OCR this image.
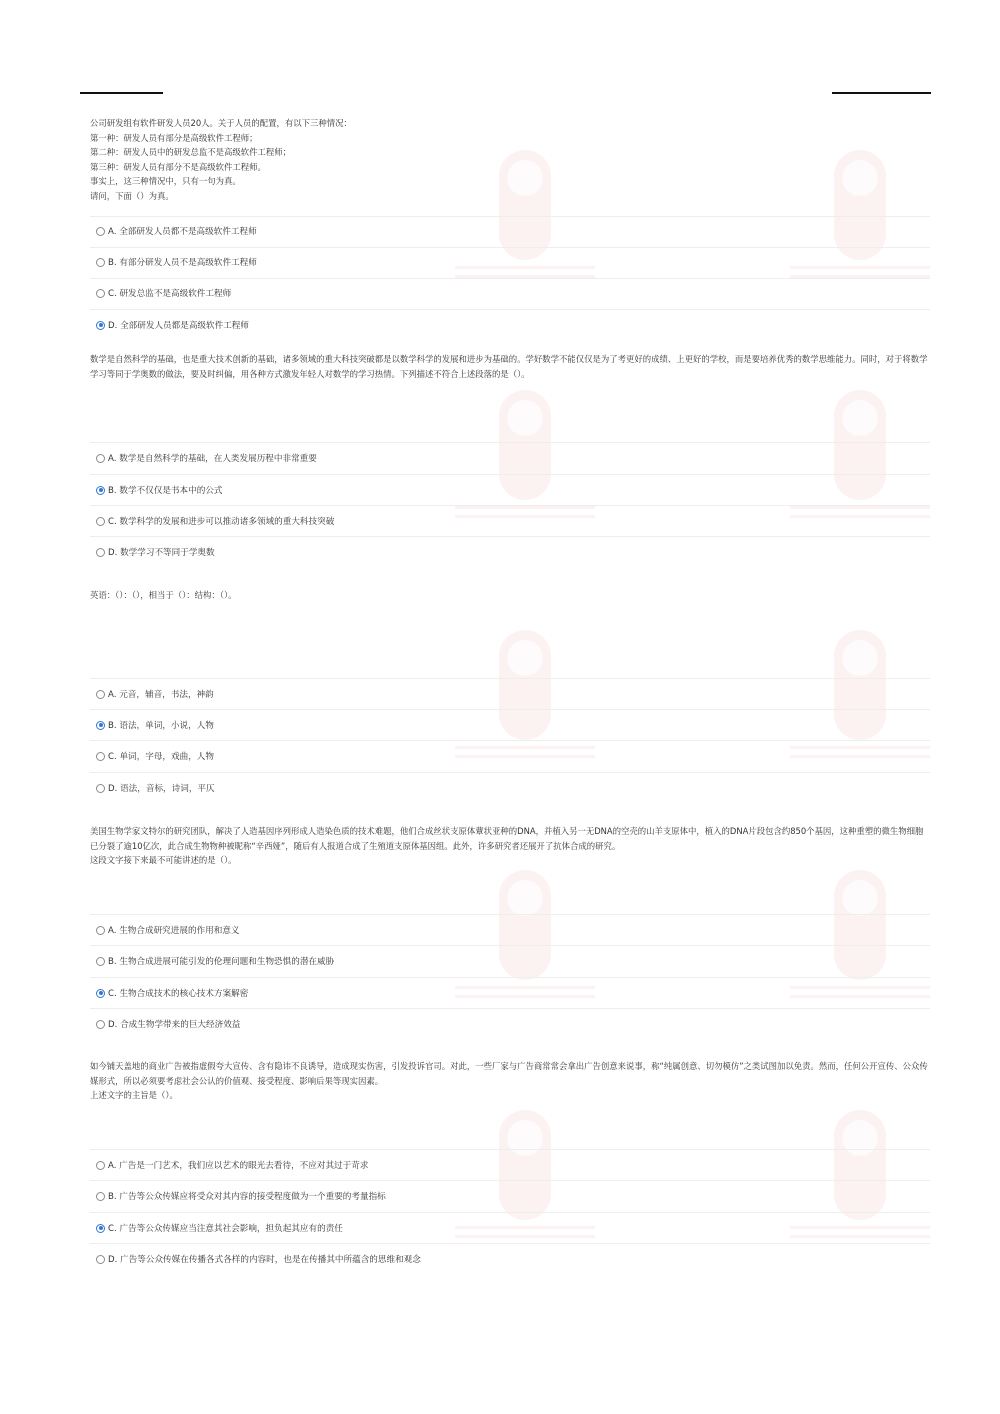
公司研发组有软件研发人员20人。关于人员的配置，有以下三种情况：

第一种：研发人员有部分是高级软件工程师；

第二种：研发人员中的研发总监不是高级软件工程师；

第三种：研发人员有部分不是高级软件工程师。

事实上，这三种情况中，只有一句为真。

请问，下面（）为真。

A. 全部研发人员都不是高级软件工程师
B. 有部分研发人员不是高级软件工程师
C. 研发总监不是高级软件工程师
D. 全部研发人员都是高级软件工程师

数学是自然科学的基础，也是重大技术创新的基础，诸多领域的重大科技突破都是以数学科学的发展和进步为基础的。学好数学不能仅仅是为了考更好的成绩、上更好的学校，而是要培养优秀的数学思维能力。同时，对于将数学学习等同于学奥数的做法，要及时纠偏，用各种方式激发年轻人对数学的学习热情。下列描述不符合上述段落的是（）。

A. 数学是自然科学的基础，在人类发展历程中非常重要
B. 数学不仅仅是书本中的公式
C. 数学科学的发展和进步可以推动诸多领域的重大科技突破
D. 数学学习不等同于学奥数

英语：（）：（），相当于（）：结构：（）。

A. 元音，辅音，书法，神韵
B. 语法，单词，小说，人物
C. 单词，字母，戏曲，人物
D. 语法，音标，诗词，平仄

美国生物学家文特尔的研究团队，解决了人造基因序列形成人造染色质的技术难题，他们合成丝状支原体蕈状亚种的DNA，并植入另一无DNA的空壳的山羊支原体中，植入的DNA片段包含约850个基因，这种重塑的微生物细胞已分裂了逾10亿次，此合成生物物种被昵称“辛西娅”，随后有人报道合成了生殖道支原体基因组。此外，许多研究者还展开了抗体合成的研究。

这段文字接下来最不可能讲述的是（）。

A. 生物合成研究进展的作用和意义
B. 生物合成进展可能引发的伦理问题和生物恐惧的潜在威胁
C. 生物合成技术的核心技术方案解密
D. 合成生物学带来的巨大经济效益

如今铺天盖地的商业广告被指虚假夸大宣传、含有隐讳不良诱导，造成现实伤害，引发投诉官司。对此，一些厂家与广告商常常会拿出广告创意来说事，称“纯属创意、切勿模仿”之类试图加以免责。然而，任何公开宣传、公众传媒形式，所以必须要考虑社会公认的价值观、接受程度、影响后果等现实因素。

上述文字的主旨是（）。

A. 广告是一门艺术，我们应以艺术的眼光去看待，不应对其过于苛求
B. 广告等公众传媒应将受众对其内容的接受程度做为一个重要的考量指标
C. 广告等公众传媒应当注意其社会影响，担负起其应有的责任
D. 广告等公众传媒在传播各式各样的内容时，也是在传播其中所蕴含的思维和观念
